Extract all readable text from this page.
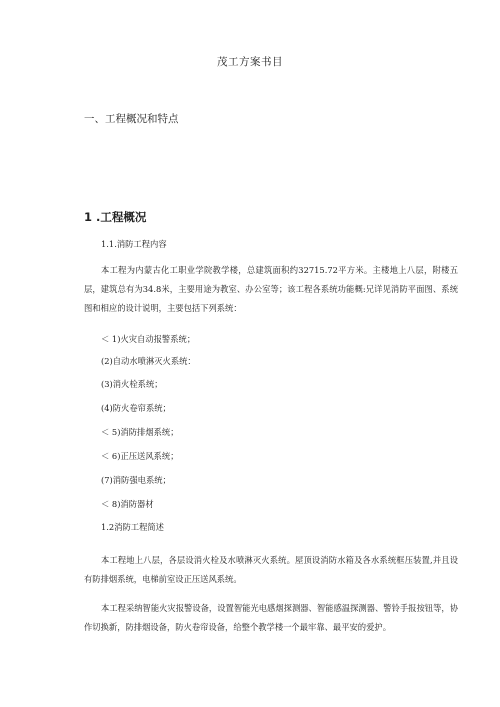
茂工方案书目
一、工程概况和特点
1 .工程概况
1.1.消防工程内容

本工程为内蒙古化工职业学院教学楼，总建筑面积约32715.72平方米。主楼地上八层，附楼五层，建筑总有为34.8米，主要用途为教室、办公室等；该工程各系统功能概:兄详见消防平面图、系统图和相应的设计说明，主要包括下列系统：

＜ 1)火灾自动报警系统；
(2)自动水喷淋灭火系统：
(3)消火栓系统；
(4)防火卷帘系统；
＜ 5)消防排烟系统；
＜ 6)正压送风系统；
(7)消防强电系统；
＜ 8)消防器材
1.2消防工程简述

本工程地上八层，各层设消火栓及水喷淋灭火系统。屋顶设消防水箱及各水系统框压装置,并且设有防排烟系统，电梯前室设正压送风系统。

本工程采纳智能火灾报警设备，设置智能光电感烟探测器、智能感温探测器、警铃手报按钮等，协作切换新，防排烟设备，防火卷帘设备，给整个教学楼一个最牢靠、最平安的爱护。
